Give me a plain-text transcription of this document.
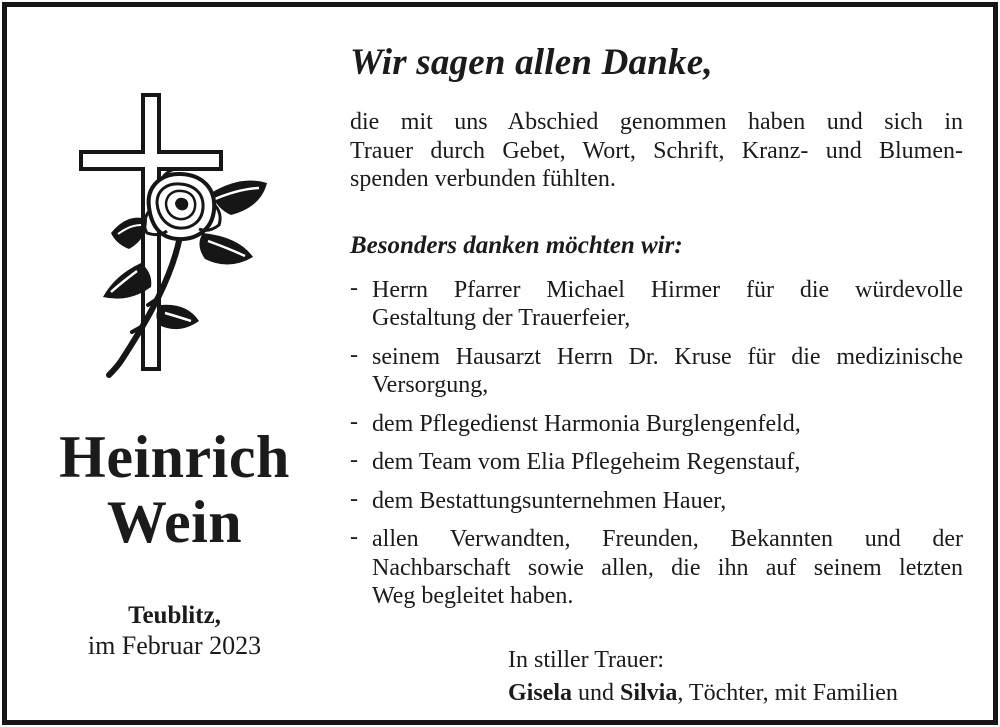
Heinrich
Wein
Teublitz,
im Februar 2023
Wir sagen allen Danke,
die mit uns Abschied genommen haben und sich in
Trauer durch Gebet, Wort, Schrift, Kranz- und Blumen-
spenden verbunden fühlten.
Besonders danken möchten wir:
- Herrn Pfarrer Michael Hirmer für die würdevolle
Gestaltung der Trauerfeier,
- seinem Hausarzt Herrn Dr. Kruse für die medizinische
Versorgung,
- dem Pflegedienst Harmonia Burglengenfeld,
- dem Team vom Elia Pflegeheim Regenstauf,
- dem Bestattungsunternehmen Hauer,
- allen Verwandten, Freunden, Bekannten und der
Nachbarschaft sowie allen, die ihn auf seinem letzten
Weg begleitet haben.
In stiller Trauer:
Gisela und Silvia, Töchter, mit Familien
